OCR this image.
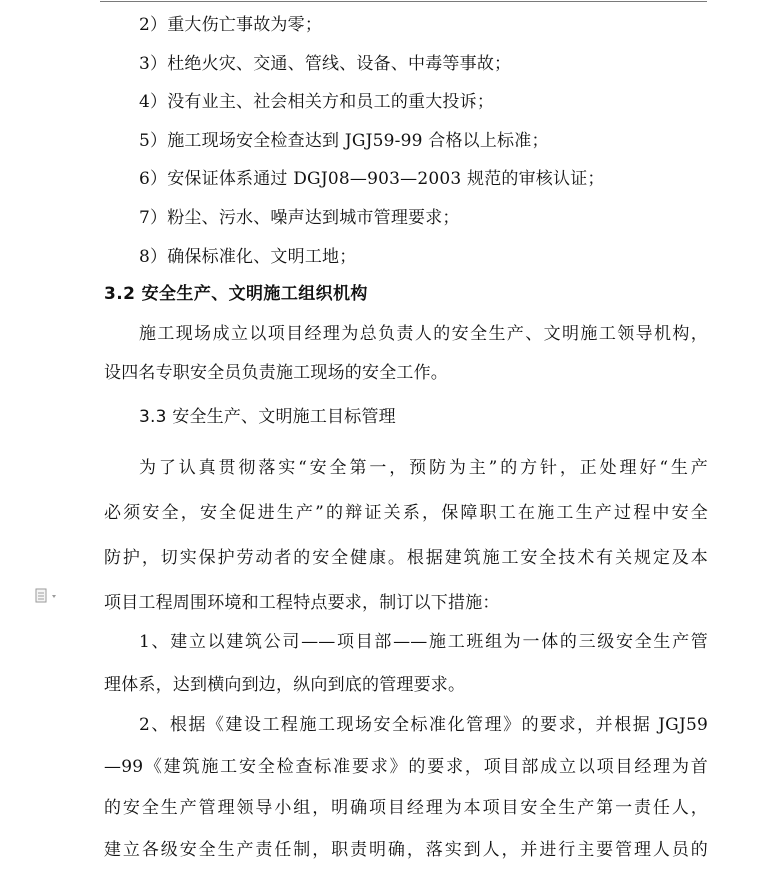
2）重大伤亡事故为零；
3）杜绝火灾、交通、管线、设备、中毒等事故；
4）没有业主、社会相关方和员工的重大投诉；
5）施工现场安全检查达到 JGJ59-99 合格以上标准；
6）安保证体系通过 DGJ08—903—2003 规范的审核认证；
7）粉尘、污水、噪声达到城市管理要求；
8）确保标准化、文明工地；
3.2 安全生产、文明施工组织机构
施工现场成立以项目经理为总负责人的安全生产、文明施工领导机构，
设四名专职安全员负责施工现场的安全工作。
3.3 安全生产、文明施工目标管理
为了认真贯彻落实“安全第一，预防为主”的方针，正处理好“生产
必须安全，安全促进生产”的辩证关系，保障职工在施工生产过程中安全
防护，切实保护劳动者的安全健康。根据建筑施工安全技术有关规定及本
项目工程周围环境和工程特点要求，制订以下措施：
1、建立以建筑公司——项目部——施工班组为一体的三级安全生产管
理体系，达到横向到边，纵向到底的管理要求。
2、根据《建设工程施工现场安全标准化管理》的要求，并根据 JGJ59
—99《建筑施工安全检查标准要求》的要求，项目部成立以项目经理为首
的安全生产管理领导小组，明确项目经理为本项目安全生产第一责任人，
建立各级安全生产责任制，职责明确，落实到人，并进行主要管理人员的
